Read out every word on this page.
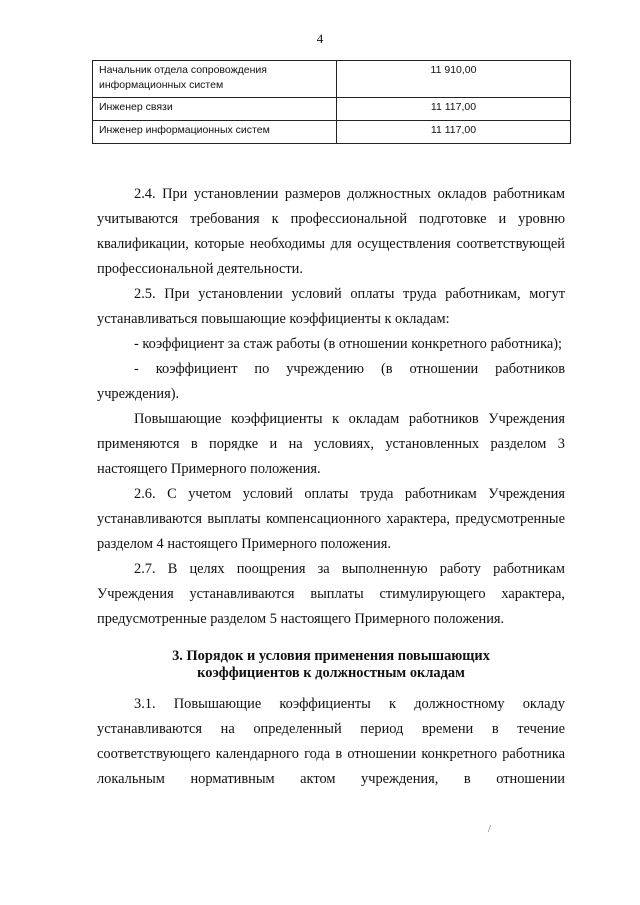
4
Начальник отдела сопровождения информационных систем	11 910,00
Инженер связи	11 117,00
Инженер информационных систем	11 117,00

2.4. При установлении размеров должностных окладов работникам учитываются требования к профессиональной подготовке и уровню квалификации, которые необходимы для осуществления соответствующей профессиональной деятельности.

2.5. При установлении условий оплаты труда работникам, могут устанавливаться повышающие коэффициенты к окладам:

- коэффициент за стаж работы (в отношении конкретного работника);

- коэффициент по учреждению (в отношении работников учреждения).

Повышающие коэффициенты к окладам работников Учреждения применяются в порядке и на условиях, установленных разделом 3 настоящего Примерного положения.

2.6. С учетом условий оплаты труда работникам Учреждения устанавливаются выплаты компенсационного характера, предусмотренные разделом 4 настоящего Примерного положения.

2.7. В целях поощрения за выполненную работу работникам Учреждения устанавливаются выплаты стимулирующего характера, предусмотренные разделом 5 настоящего Примерного положения.

3. Порядок и условия применения повышающих
коэффициентов к должностным окладам

3.1. Повышающие коэффициенты к должностному окладу устанавливаются на определенный период времени в течение соответствующего календарного года в отношении конкретного работника локальным нормативным актом учреждения, в отношении

/
